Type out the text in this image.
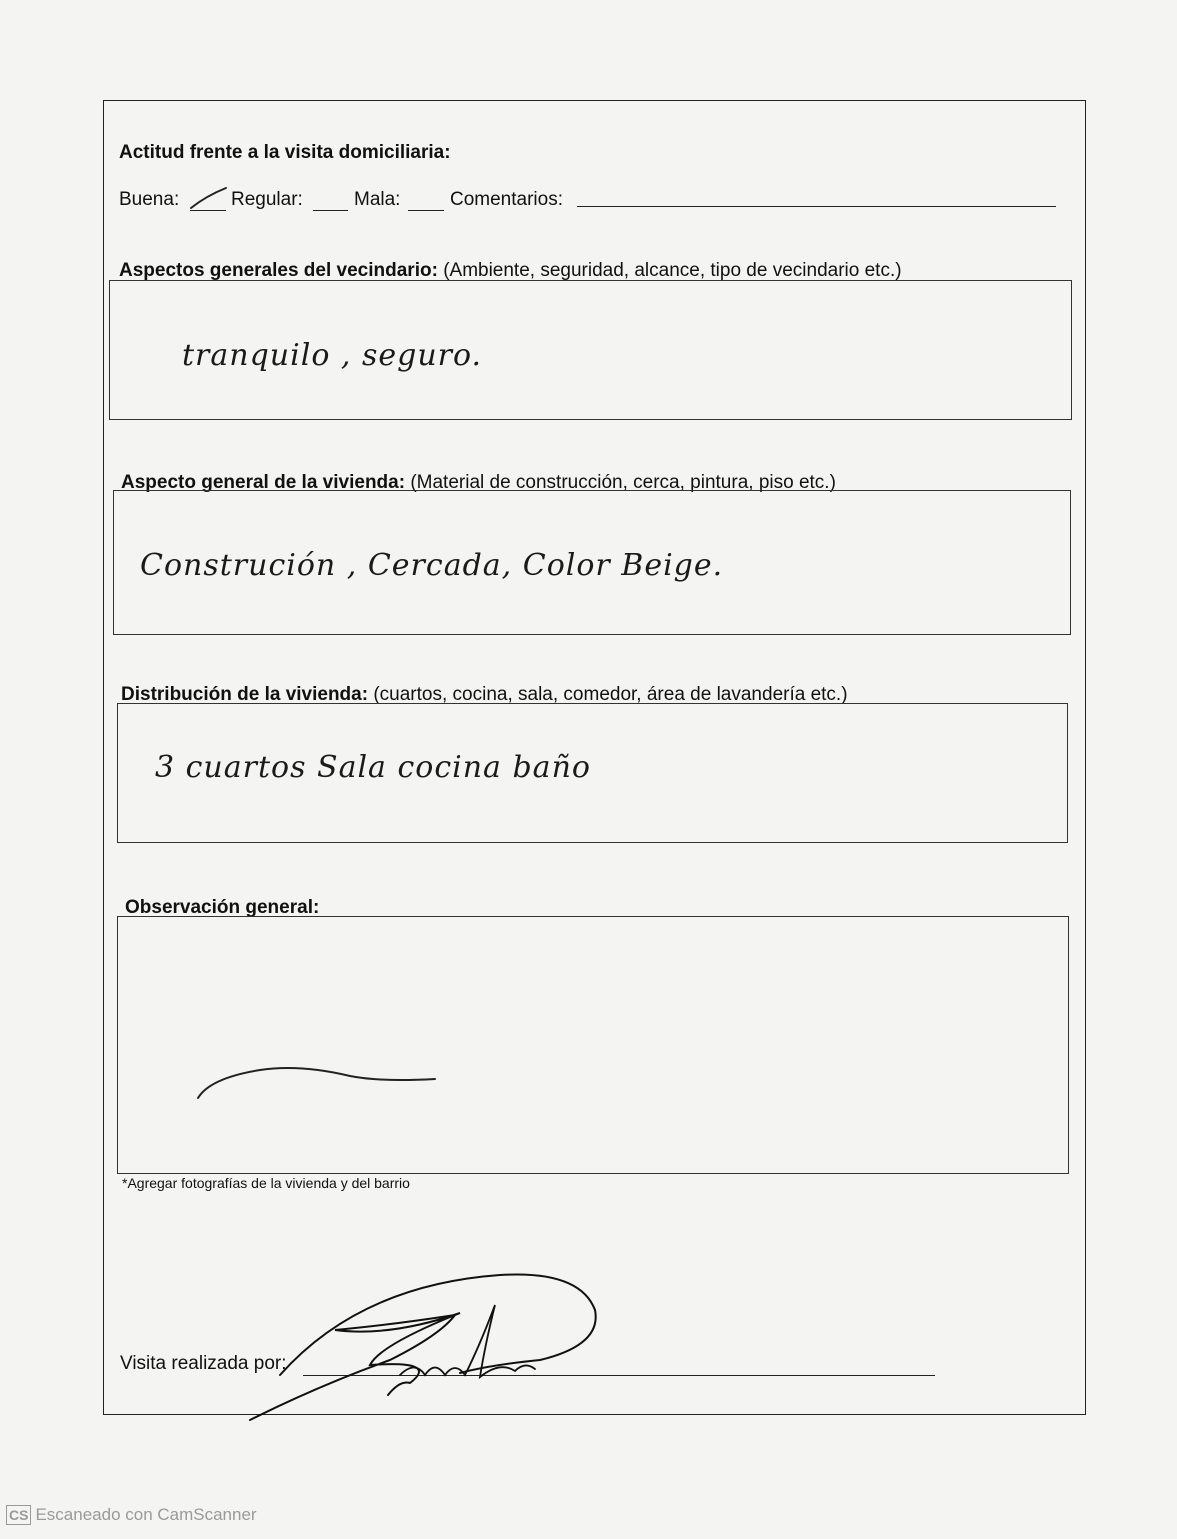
Actitud frente a la visita domiciliaria:
Buena:	Regular:	Mala:	Comentarios:
Aspectos generales del vecindario: (Ambiente, seguridad, alcance, tipo de vecindario etc.)
tranquilo , seguro.
Aspecto general de la vivienda: (Material de construcción, cerca, pintura, piso etc.)
Construción , Cercada, Color Beige.
Distribución de la vivienda: (cuartos, cocina, sala, comedor, área de lavandería etc.)
3 cuartos Sala cocina baño
Observación general:
*Agregar fotografías de la vivienda y del barrio
Visita realizada por:
CS Escaneado con CamScanner
